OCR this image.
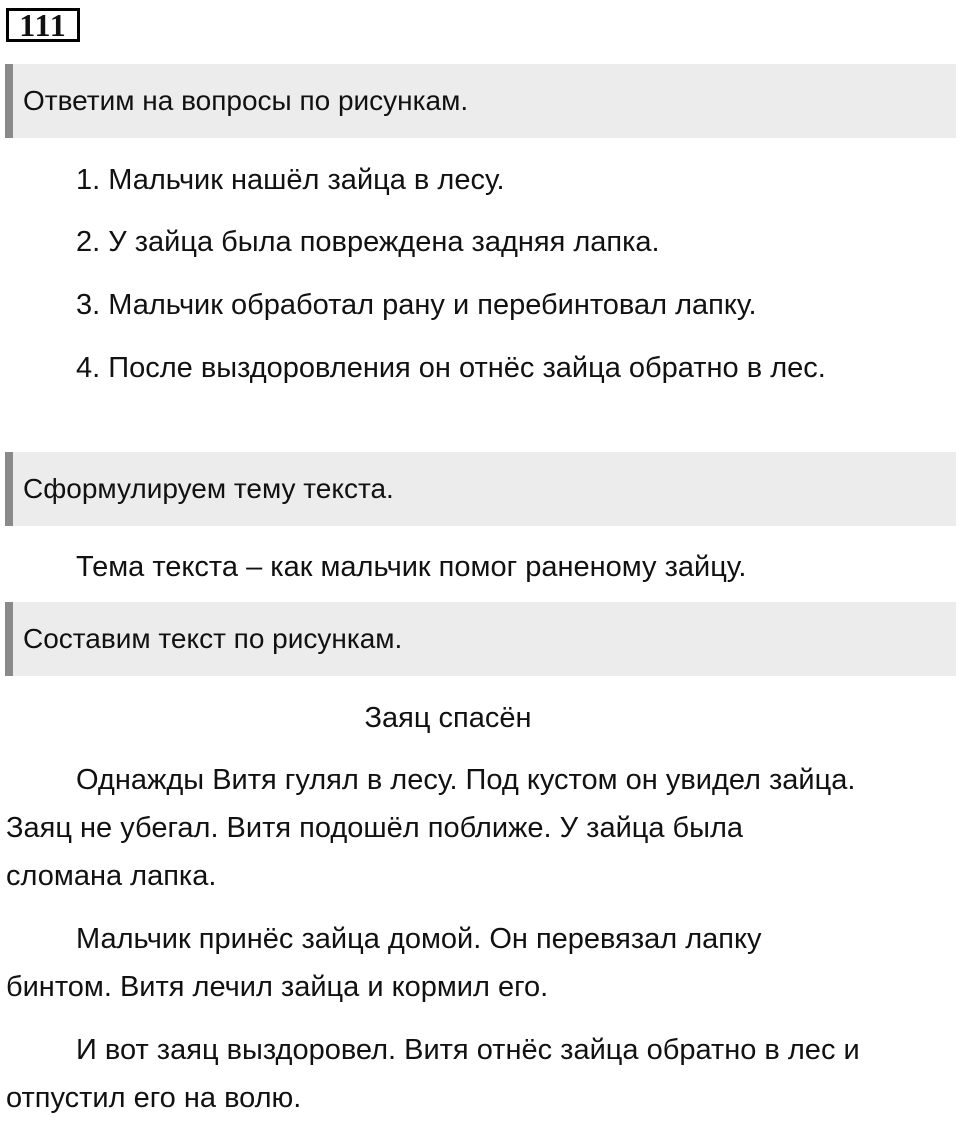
111
Ответим на вопросы по рисункам.

1. Мальчик нашёл зайца в лесу.

2. У зайца была повреждена задняя лапка.

3. Мальчик обработал рану и перебинтовал лапку.

4. После выздоровления он отнёс зайца обратно в лес.

Сформулируем тему текста.

Тема текста – как мальчик помог раненому зайцу.

Составим текст по рисункам.

Заяц спасён

Однажды Витя гулял в лесу. Под кустом он увидел зайца. Заяц не убегал. Витя подошёл поближе. У зайца была сломана лапка.

Мальчик принёс зайца домой. Он перевязал лапку бинтом. Витя лечил зайца и кормил его.

И вот заяц выздоровел. Витя отнёс зайца обратно в лес и отпустил его на волю.
